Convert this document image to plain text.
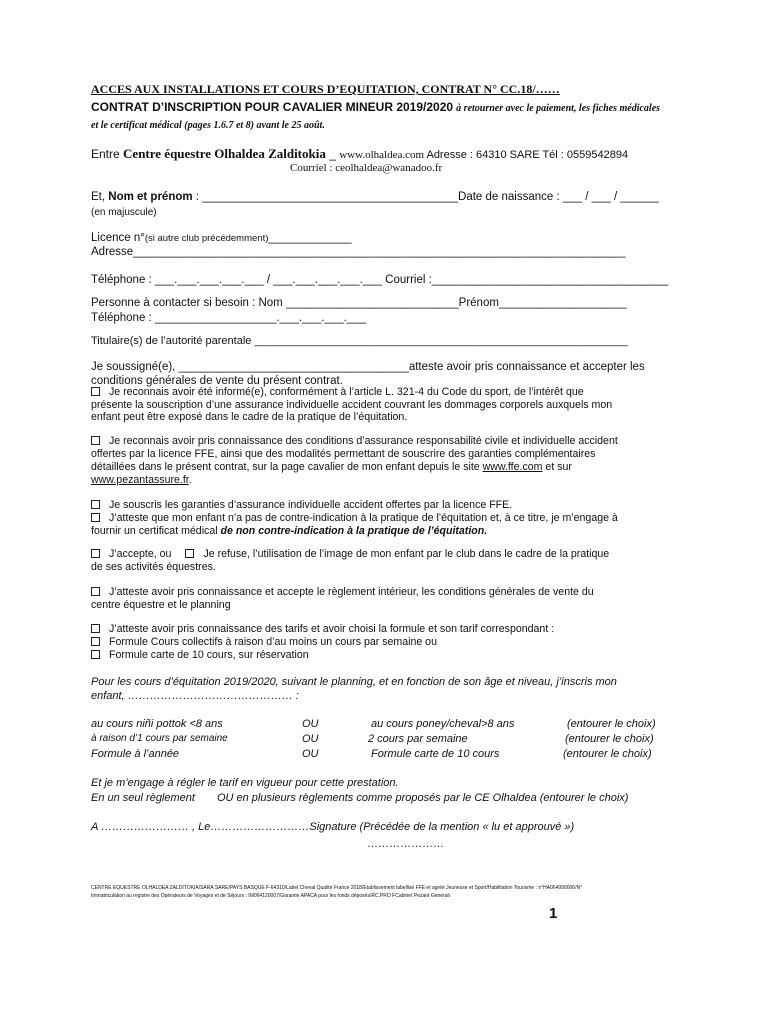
ACCES AUX INSTALLATIONS ET COURS D’EQUITATION, CONTRAT N° CC.18/……
CONTRAT D’INSCRIPTION POUR CAVALIER MINEUR 2019/2020 à retourner avec le paiement, les fiches médicales
et le certificat médical (pages 1.6.7 et 8) avant le 25 août.
Entre Centre équestre Olhaldea Zalditokia _ www.olhaldea.com Adresse : 64310 SARE Tél : 0559542894
Courriel : ceolhaldea@wanadoo.fr
Et, Nom et prénom : ________________________________________Date de naissance : ___ / ___ / ______
(en majuscule)
Licence n°(si autre club précédemment)_____________
Adresse_____________________________________________________________________________
Téléphone : ___.___.___.___.___ / ___.___.___.___.___ Courriel :_____________________________________
Personne à contacter si besoin : Nom ___________________________Prénom____________________
Téléphone : ___________________.___.___.___.___
Titulaire(s) de l’autorité parentale _____________________________________________________________
Je soussigné(e), ____________________________________atteste avoir pris connaissance et accepter les
conditions générales de vente du présent contrat.
Je reconnais avoir été informé(e), conformément à l’article L. 321-4 du Code du sport, de l’intérêt que
présente la souscription d’une assurance individuelle accident couvrant les dommages corporels auxquels mon
enfant peut être exposé dans le cadre de la pratique de l’équitation.
Je reconnais avoir pris connaissance des conditions d’assurance responsabilité civile et individuelle accident
offertes par la licence FFE, ainsi que des modalités permettant de souscrire des garanties complémentaires
détaillées dans le présent contrat, sur la page cavalier de mon enfant depuis le site www.ffe.com et sur
www.pezantassure.fr.
Je souscris les garanties d’assurance individuelle accident offertes par la licence FFE.
J’atteste que mon enfant n’a pas de contre-indication à la pratique de l’équitation et, à ce titre, je m’engage à
fournir un certificat médical de non contre-indication à la pratique de l’équitation.
J’accepte, ou	Je refuse, l’utilisation de l’image de mon enfant par le club dans le cadre de la pratique
de ses activités équestres.
J’atteste avoir pris connaissance et accepte le règlement intérieur, les conditions générales de vente du
centre équestre et le planning
J’atteste avoir pris connaissance des tarifs et avoir choisi la formule et son tarif correspondant :
Formule Cours collectifs à raison d’au moins un cours par semaine ou
Formule carte de 10 cours, sur réservation
Pour les cours d’équitation 2019/2020, suivant le planning, et en fonction de son âge et niveau, j’inscris mon
enfant, ……………………………………… :
au cours niñi pottok <8 ans	OU	au cours poney/cheval>8 ans	(entourer le choix)
à raison d’1 cours par semaine	OU	2 cours par semaine	(entourer le choix)
Formule à l’année	OU	Formule carte de 10 cours	(entourer le choix)
Et je m’engage à régler le tarif en vigueur pour cette prestation.
En un seul règlement OU en plusieurs règlements comme proposés par le CE Olhaldea (entourer le choix)
A …………………… , Le………………………Signature (Précédée de la mention « lu et approuvé »)
…………………
CENTRE EQUESTRE OLHALDEA ZALDITOKIA/SARA SARE/PAYS BASQUE F-64310/Label Cheval Qualité France 2018/Etablissement labellisé FFE et agréé Jeunesse et Sport/Habilitation Tourisme : n°HA064990006/N°
Immatriculation au registre des Opérateurs de Voyages et de Séjours : IM064120007/Garantie APACA pour les fonds déposés/RC.PRO FCabinet Pezant Generali
1
